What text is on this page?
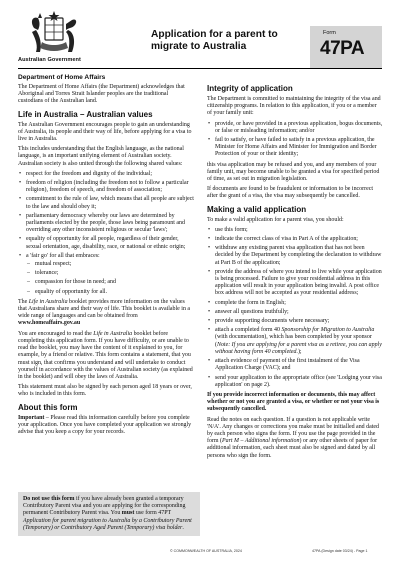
Australian Government
Department of Home Affairs
Application for a parent to migrate to Australia
Form
47PA

The Department of Home Affairs (the Department) acknowledges that Aboriginal and Torres Strait Islander peoples are the traditional custodians of the Australian land.

Life in Australia – Australian values

The Australian Government encourages people to gain an understanding of Australia, its people and their way of life, before applying for a visa to live in Australia.

This includes understanding that the English language, as the national language, is an important unifying element of Australian society. Australian society is also united through the following shared values:

• respect for the freedom and dignity of the individual;
• freedom of religion (including the freedom not to follow a particular religion), freedom of speech, and freedom of association;
• commitment to the rule of law, which means that all people are subject to the law and should obey it;
• parliamentary democracy whereby our laws are determined by parliaments elected by the people, those laws being paramount and overriding any other inconsistent religious or secular 'laws';
• equality of opportunity for all people, regardless of their gender, sexual orientation, age, disability, race, or national or ethnic origin;
• a 'fair go' for all that embraces:
– mutual respect;
– tolerance;
– compassion for those in need; and
– equality of opportunity for all.

The Life in Australia booklet provides more information on the values that Australians share and their way of life. This booklet is available in a wide range of languages and can be obtained from
www.homeaffairs.gov.au

You are encouraged to read the Life in Australia booklet before completing this application form. If you have difficulty, or are unable to read the booklet, you may have the content of it explained to you, for example, by a friend or relative. This form contains a statement, that you must sign, that confirms you understand and will undertake to conduct yourself in accordance with the values of Australian society (as explained in the booklet) and will obey the laws of Australia.

This statement must also be signed by each person aged 18 years or over, who is included in this form.

About this form

Important – Please read this information carefully before you complete your application. Once you have completed your application we strongly advise that you keep a copy for your records.

Do not use this form if you have already been granted a temporary Contributory Parent visa and you are applying for the corresponding permanent Contributory Parent visa. You must use form 47PT Application for parent migration to Australia by a Contributory Parent (Temporary) or Contributory Aged Parent (Temporary) visa holder.
Integrity of application

The Department is committed to maintaining the integrity of the visa and citizenship programs. In relation to this application, if you or a member of your family unit:

• provide, or have provided in a previous application, bogus documents, or false or misleading information; and/or
• fail to satisfy, or have failed to satisfy in a previous application, the Minister for Home Affairs and Minister for Immigration and Border Protection of your or their identity;

this visa application may be refused and you, and any members of your family unit, may become unable to be granted a visa for specified period of time, as set out in migration legislation.

If documents are found to be fraudulent or information to be incorrect after the grant of a visa, the visa may subsequently be cancelled.

Making a valid application

To make a valid application for a parent visa, you should:

• use this form;
• indicate the correct class of visa in Part A of the application;
• withdraw any existing parent visa application that has not been decided by the Department by completing the declaration to withdraw at Part B of the application;
• provide the address of where you intend to live while your application is being processed. Failure to give your residential address in this application will result in your application being invalid. A post office box address will not be accepted as your residential address;
• complete the form in English;
• answer all questions truthfully;
• provide supporting documents where necessary;
• attach a completed form 40 Sponsorship for Migration to Australia (with documentation), which has been completed by your sponsor (Note: If you are applying for a parent visa as a retiree, you can apply without having form 40 completed.);
• attach evidence of payment of the first instalment of the Visa Application Charge (VAC); and
• send your application to the appropriate office (see 'Lodging your visa application' on page 2).

If you provide incorrect information or documents, this may affect whether or not you are granted a visa, or whether or not your visa is subsequently cancelled.

Read the notes on each question. If a question is not applicable write 'N/A'. Any changes or corrections you make must be initialled and dated by each person who signs the form. If you use the page provided in the form (Part M – Additional information) or any other sheets of paper for additional information, each sheet must also be signed and dated by all persons who sign the form.

© COMMONWEALTH OF AUSTRALIA, 2024	47PA (Design date 03/24) - Page 1
